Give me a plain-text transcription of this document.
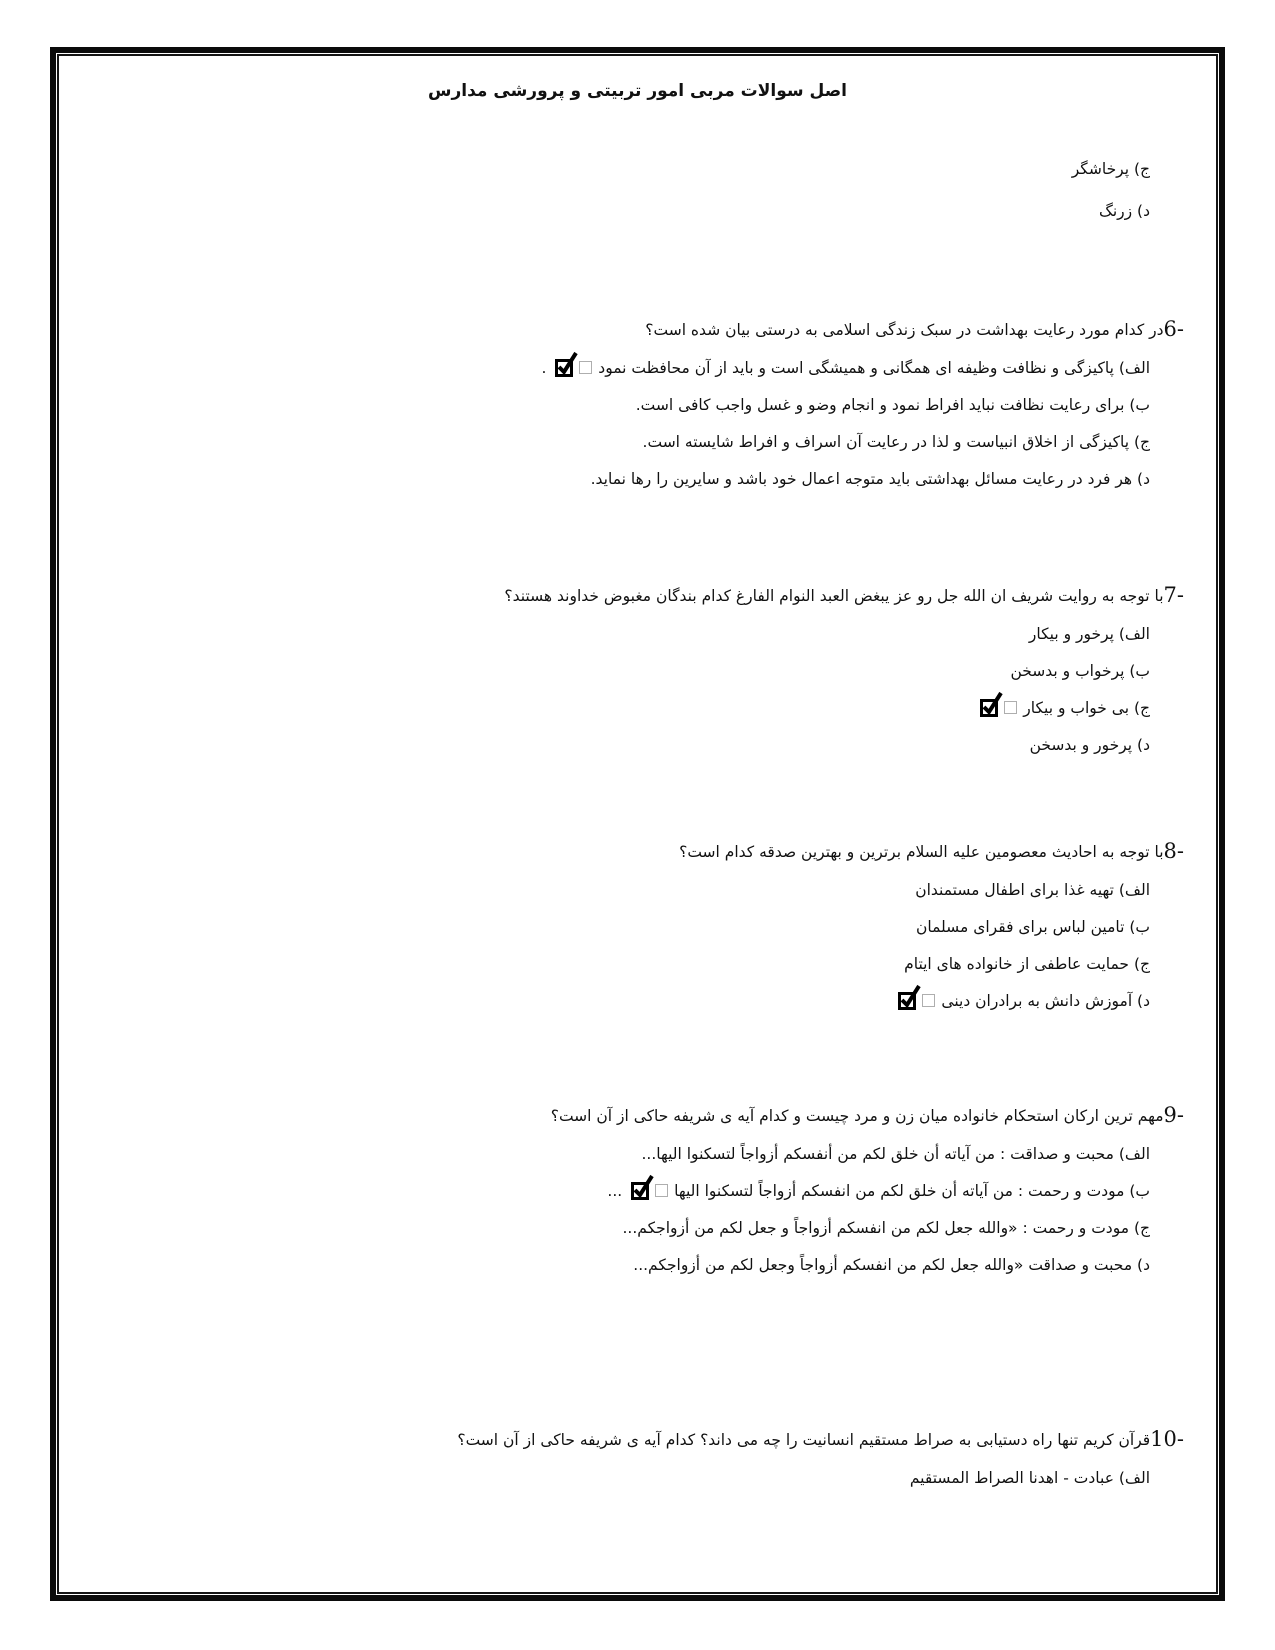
اصل سوالات مربی امور تربیتی و پرورشی مدارس

ج) پرخاشگر

د) زرنگ

6-در کدام مورد رعایت بهداشت در سبک زندگی اسلامی به درستی بیان شده است؟

الف) پاکیزگی و نظافت وظیفه ای همگانی و همیشگی است و باید از آن محافظت نمود
.

ب) برای رعایت نظافت نباید افراط نمود و انجام وضو و غسل واجب کافی است.

ج) پاکیزگی از اخلاق انبیاست و لذا در رعایت آن اسراف و افراط شایسته است.

د) هر فرد در رعایت مسائل بهداشتی باید متوجه اعمال خود باشد و سایرین را رها نماید.

7-با توجه به روایت شریف ان الله جل رو عز یبغض العبد النوام الفارغ کدام بندگان مغبوض خداوند هستند؟

الف) پرخور و بیکار

ب) پرخواب و بدسخن

ج) بی خواب و بیکار

د) پرخور و بدسخن

8-با توجه به احادیث معصومین علیه السلام برترین و بهترین صدقه کدام است؟

الف) تهیه غذا برای اطفال مستمندان

ب) تامین لباس برای فقرای مسلمان

ج) حمایت عاطفی از خانواده های ایتام

د) آموزش دانش به برادران دینی

9-مهم ترین ارکان استحکام خانواده میان زن و مرد چیست و کدام آیه ی شریفه حاکی از آن است؟

الف) محبت و صداقت : من آیاته أن خلق لکم من أنفسکم أزواجاً لتسکنوا الیها...

ب) مودت و رحمت : من آیاته أن خلق لکم من انفسکم أزواجاً لتسکنوا الیها
...

ج) مودت و رحمت : «والله جعل لکم من انفسکم أزواجاً و جعل لکم من أزواجکم...

د) محبت و صداقت «والله جعل لکم من انفسکم أزواجاً وجعل لکم من أزواجکم...

10-قرآن کریم تنها راه دستیابی به صراط مستقیم انسانیت را چه می داند؟ کدام آیه ی شریفه حاکی از آن است؟

الف) عبادت - اهدنا الصراط المستقیم
